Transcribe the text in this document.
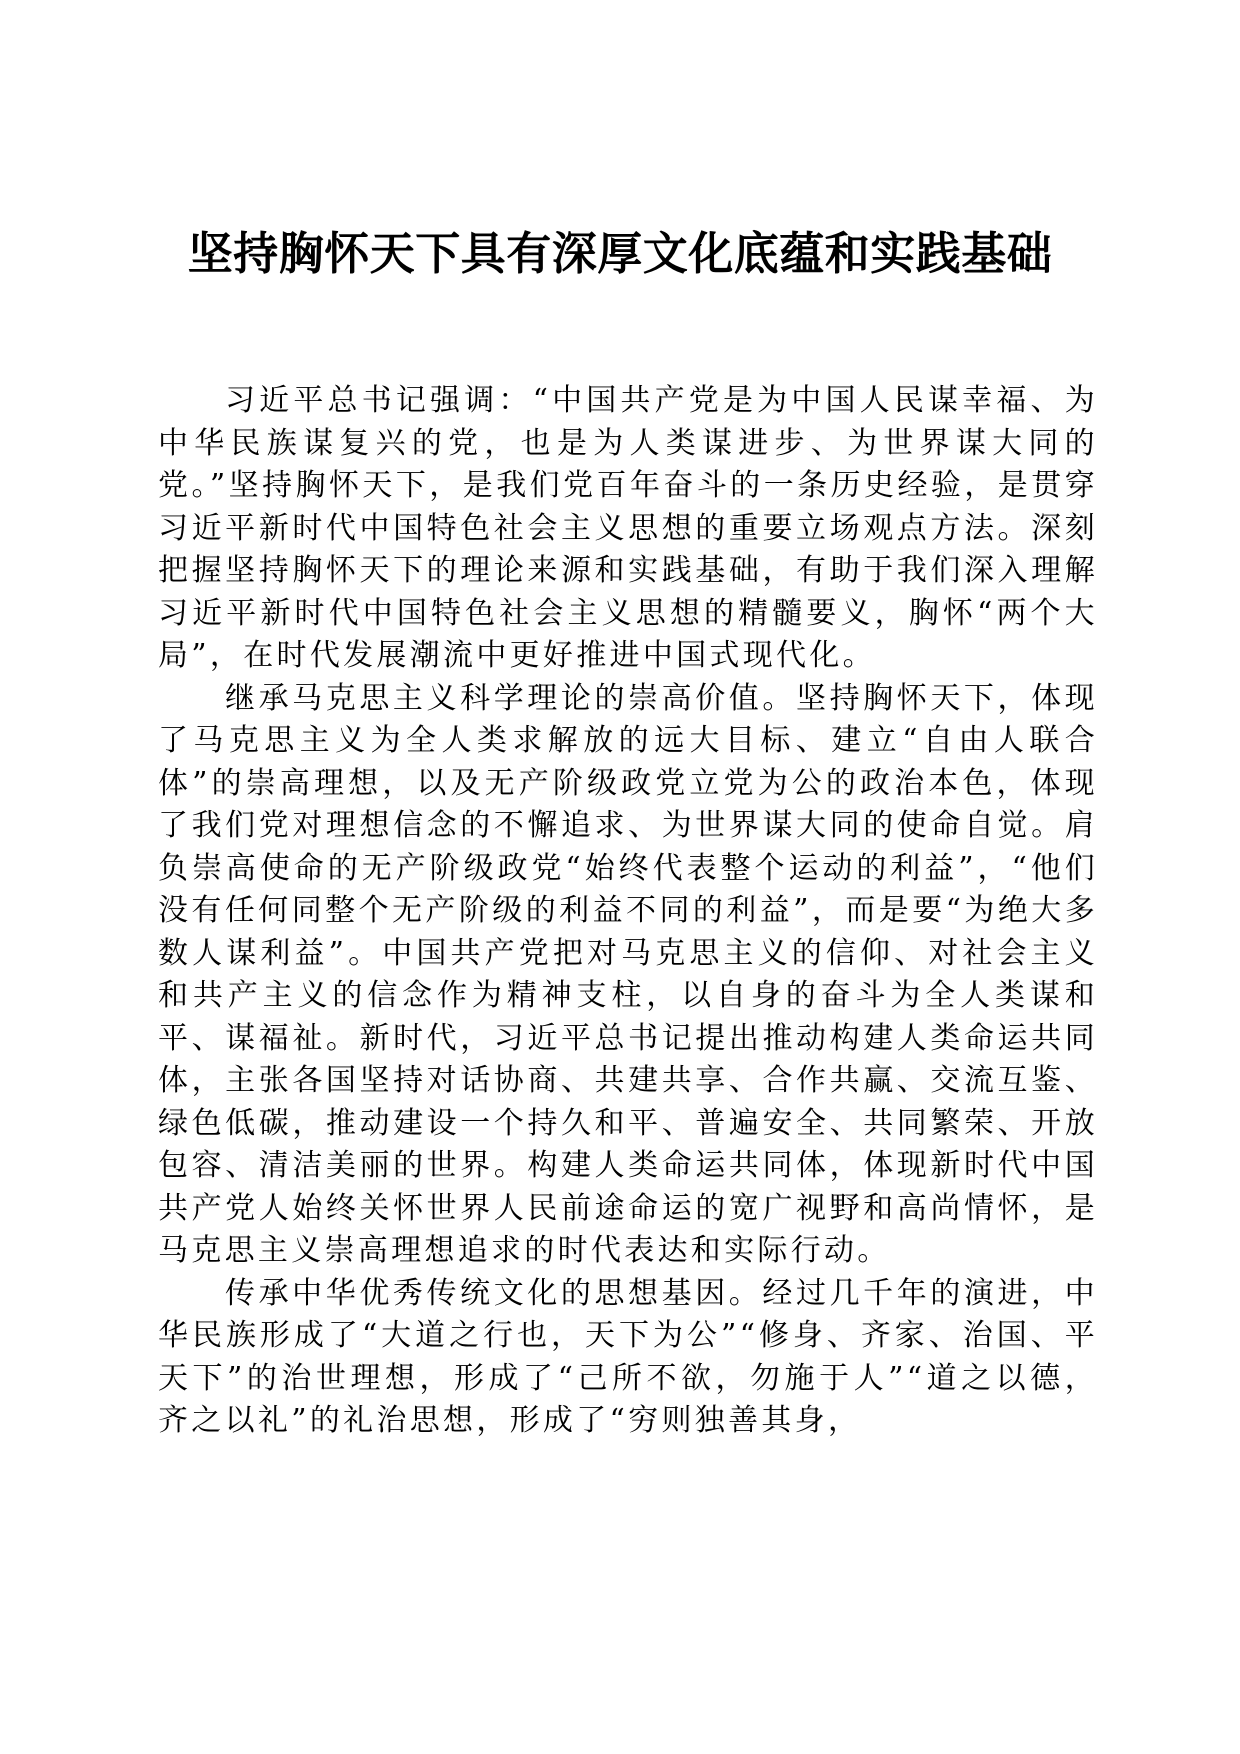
坚持胸怀天下具有深厚文化底蕴和实践基础

习近平总书记强调：“中国共产党是为中国人民谋幸福、为中华民族谋复兴的党，也是为人类谋进步、为世界谋大同的党。”坚持胸怀天下，是我们党百年奋斗的一条历史经验，是贯穿习近平新时代中国特色社会主义思想的重要立场观点方法。深刻把握坚持胸怀天下的理论来源和实践基础，有助于我们深入理解习近平新时代中国特色社会主义思想的精髓要义，胸怀“两个大局”，在时代发展潮流中更好推进中国式现代化。

继承马克思主义科学理论的崇高价值。坚持胸怀天下，体现了马克思主义为全人类求解放的远大目标、建立“自由人联合体”的崇高理想，以及无产阶级政党立党为公的政治本色，体现了我们党对理想信念的不懈追求、为世界谋大同的使命自觉。肩负崇高使命的无产阶级政党“始终代表整个运动的利益”，“他们没有任何同整个无产阶级的利益不同的利益”，而是要“为绝大多数人谋利益”。中国共产党把对马克思主义的信仰、对社会主义和共产主义的信念作为精神支柱，以自身的奋斗为全人类谋和平、谋福祉。新时代，习近平总书记提出推动构建人类命运共同体，主张各国坚持对话协商、共建共享、合作共赢、交流互鉴、绿色低碳，推动建设一个持久和平、普遍安全、共同繁荣、开放包容、清洁美丽的世界。构建人类命运共同体，体现新时代中国共产党人始终关怀世界人民前途命运的宽广视野和高尚情怀，是马克思主义崇高理想追求的时代表达和实际行动。

传承中华优秀传统文化的思想基因。经过几千年的演进，中华民族形成了“大道之行也，天下为公”“修身、齐家、治国、平天下”的治世理想，形成了“己所不欲，勿施于人”“道之以德，齐之以礼”的礼治思想，形成了“穷则独善其身，
